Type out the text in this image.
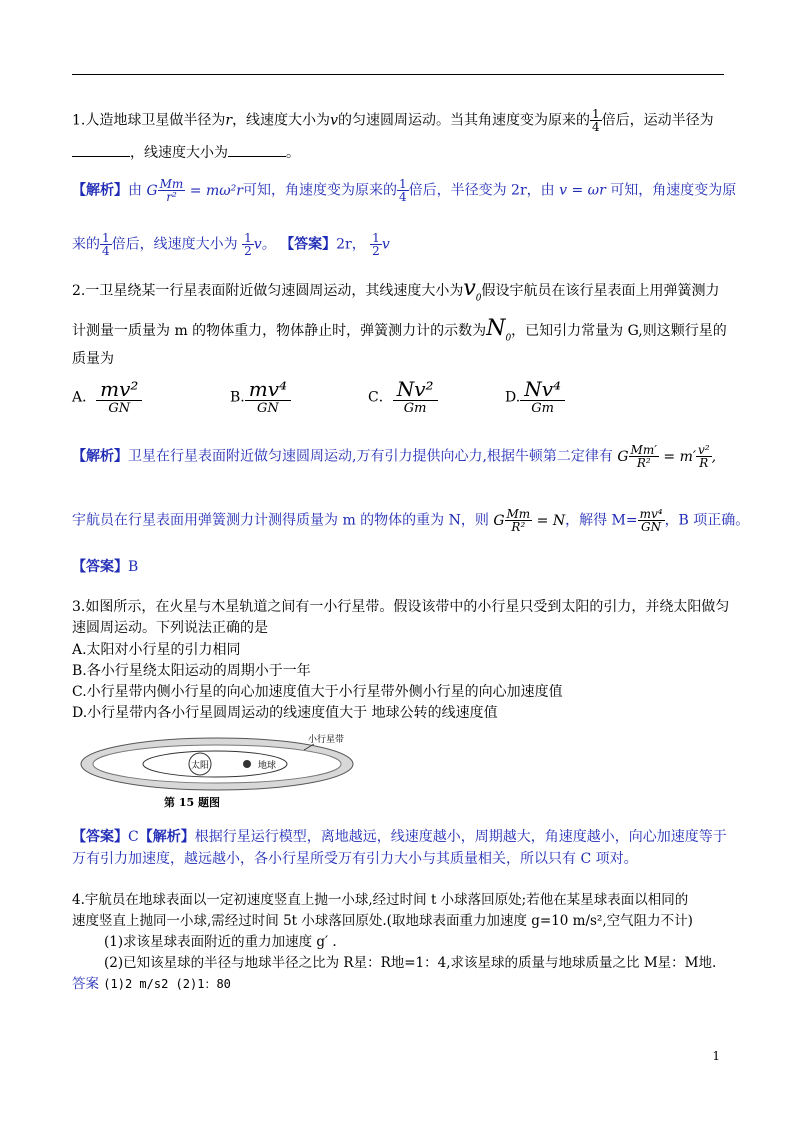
1.人造地球卫星做半径为r，线速度大小为v的匀速圆周运动。当其角速度变为原来的 $\frac{1}{4}$ 倍后，运动半径为
，线速度大小为	。
【解析】由 G $\frac{Mm}{\text{r²}} = m\omega^2r$可知，角速度变为原来的 $\frac{1}{4}$ 倍后，半径变为 2r，由 v = ωr 可知，角速度变为原
来的 $\frac{1}{4}$ 倍后，线速度大小为 $\frac{1}{2}$ v。 【答案】2r， $\frac{1}{2}$ v
2.一卫星绕某一行星表面附近做匀速圆周运动，其线速度大小为$v_0$假设宇航员在该行星表面上用弹簧测力
计测量一质量为 m 的物体重力，物体静止时，弹簧测力计的示数为$N_0$，已知引力常量为 G,则这颗行星的
质量为
A． $\frac{\text{mv²}}{GN}$	B. $\frac{\text{mv⁴}}{GN}$	C． $\frac{\text{Nv²}}{Gm}$	D. $\frac{\text{Nv⁴}}{Gm}$
【解析】卫星在行星表面附近做匀速圆周运动,万有引力提供向心力,根据牛顿第二定律有 G $\frac{Mm'}{\text{R²}} = m' \frac{\text{v²}}{R}$ ,
宇航员在行星表面用弹簧测力计测得质量为 m 的物体的重为 N，则 G $\frac{Mm}{\text{R²}} = N$，解得 $M= \frac{\text{mv⁴}}{GN}$ ，B 项正确。
【答案】B
3.如图所示，在火星与木星轨道之间有一小行星带。假设该带中的小行星只受到太阳的引力，并绕太阳做匀
速圆周运动。下列说法正确的是
A.太阳对小行星的引力相同
B.各小行星绕太阳运动的周期小于一年
C.小行星带内侧小行星的向心加速度值大于小行星带外侧小行星的向心加速度值
D.小行星带内各小行星圆周运动的线速度值大于 地球公转的线速度值
太阳	地球
小行星带
第 15 题图
【答案】C【解析】根据行星运行模型，离地越远，线速度越小，周期越大，角速度越小，向心加速度等于
万有引力加速度，越远越小，各小行星所受万有引力大小与其质量相关，所以只有 C 项对。
4.宇航员在地球表面以一定初速度竖直上抛一小球,经过时间 t 小球落回原处;若他在某星球表面以相同的
速度竖直上抛同一小球,需经过时间 5t 小球落回原处.(取地球表面重力加速度 g=10 m/s²,空气阻力不计)
(1)求该星球表面附近的重力加速度 g′ .
(2)已知该星球的半径与地球半径之比为 R星：R地=1：4,求该星球的质量与地球质量之比 M星：M地.
答案 (1)2 m/s2 (2)1：80
1
